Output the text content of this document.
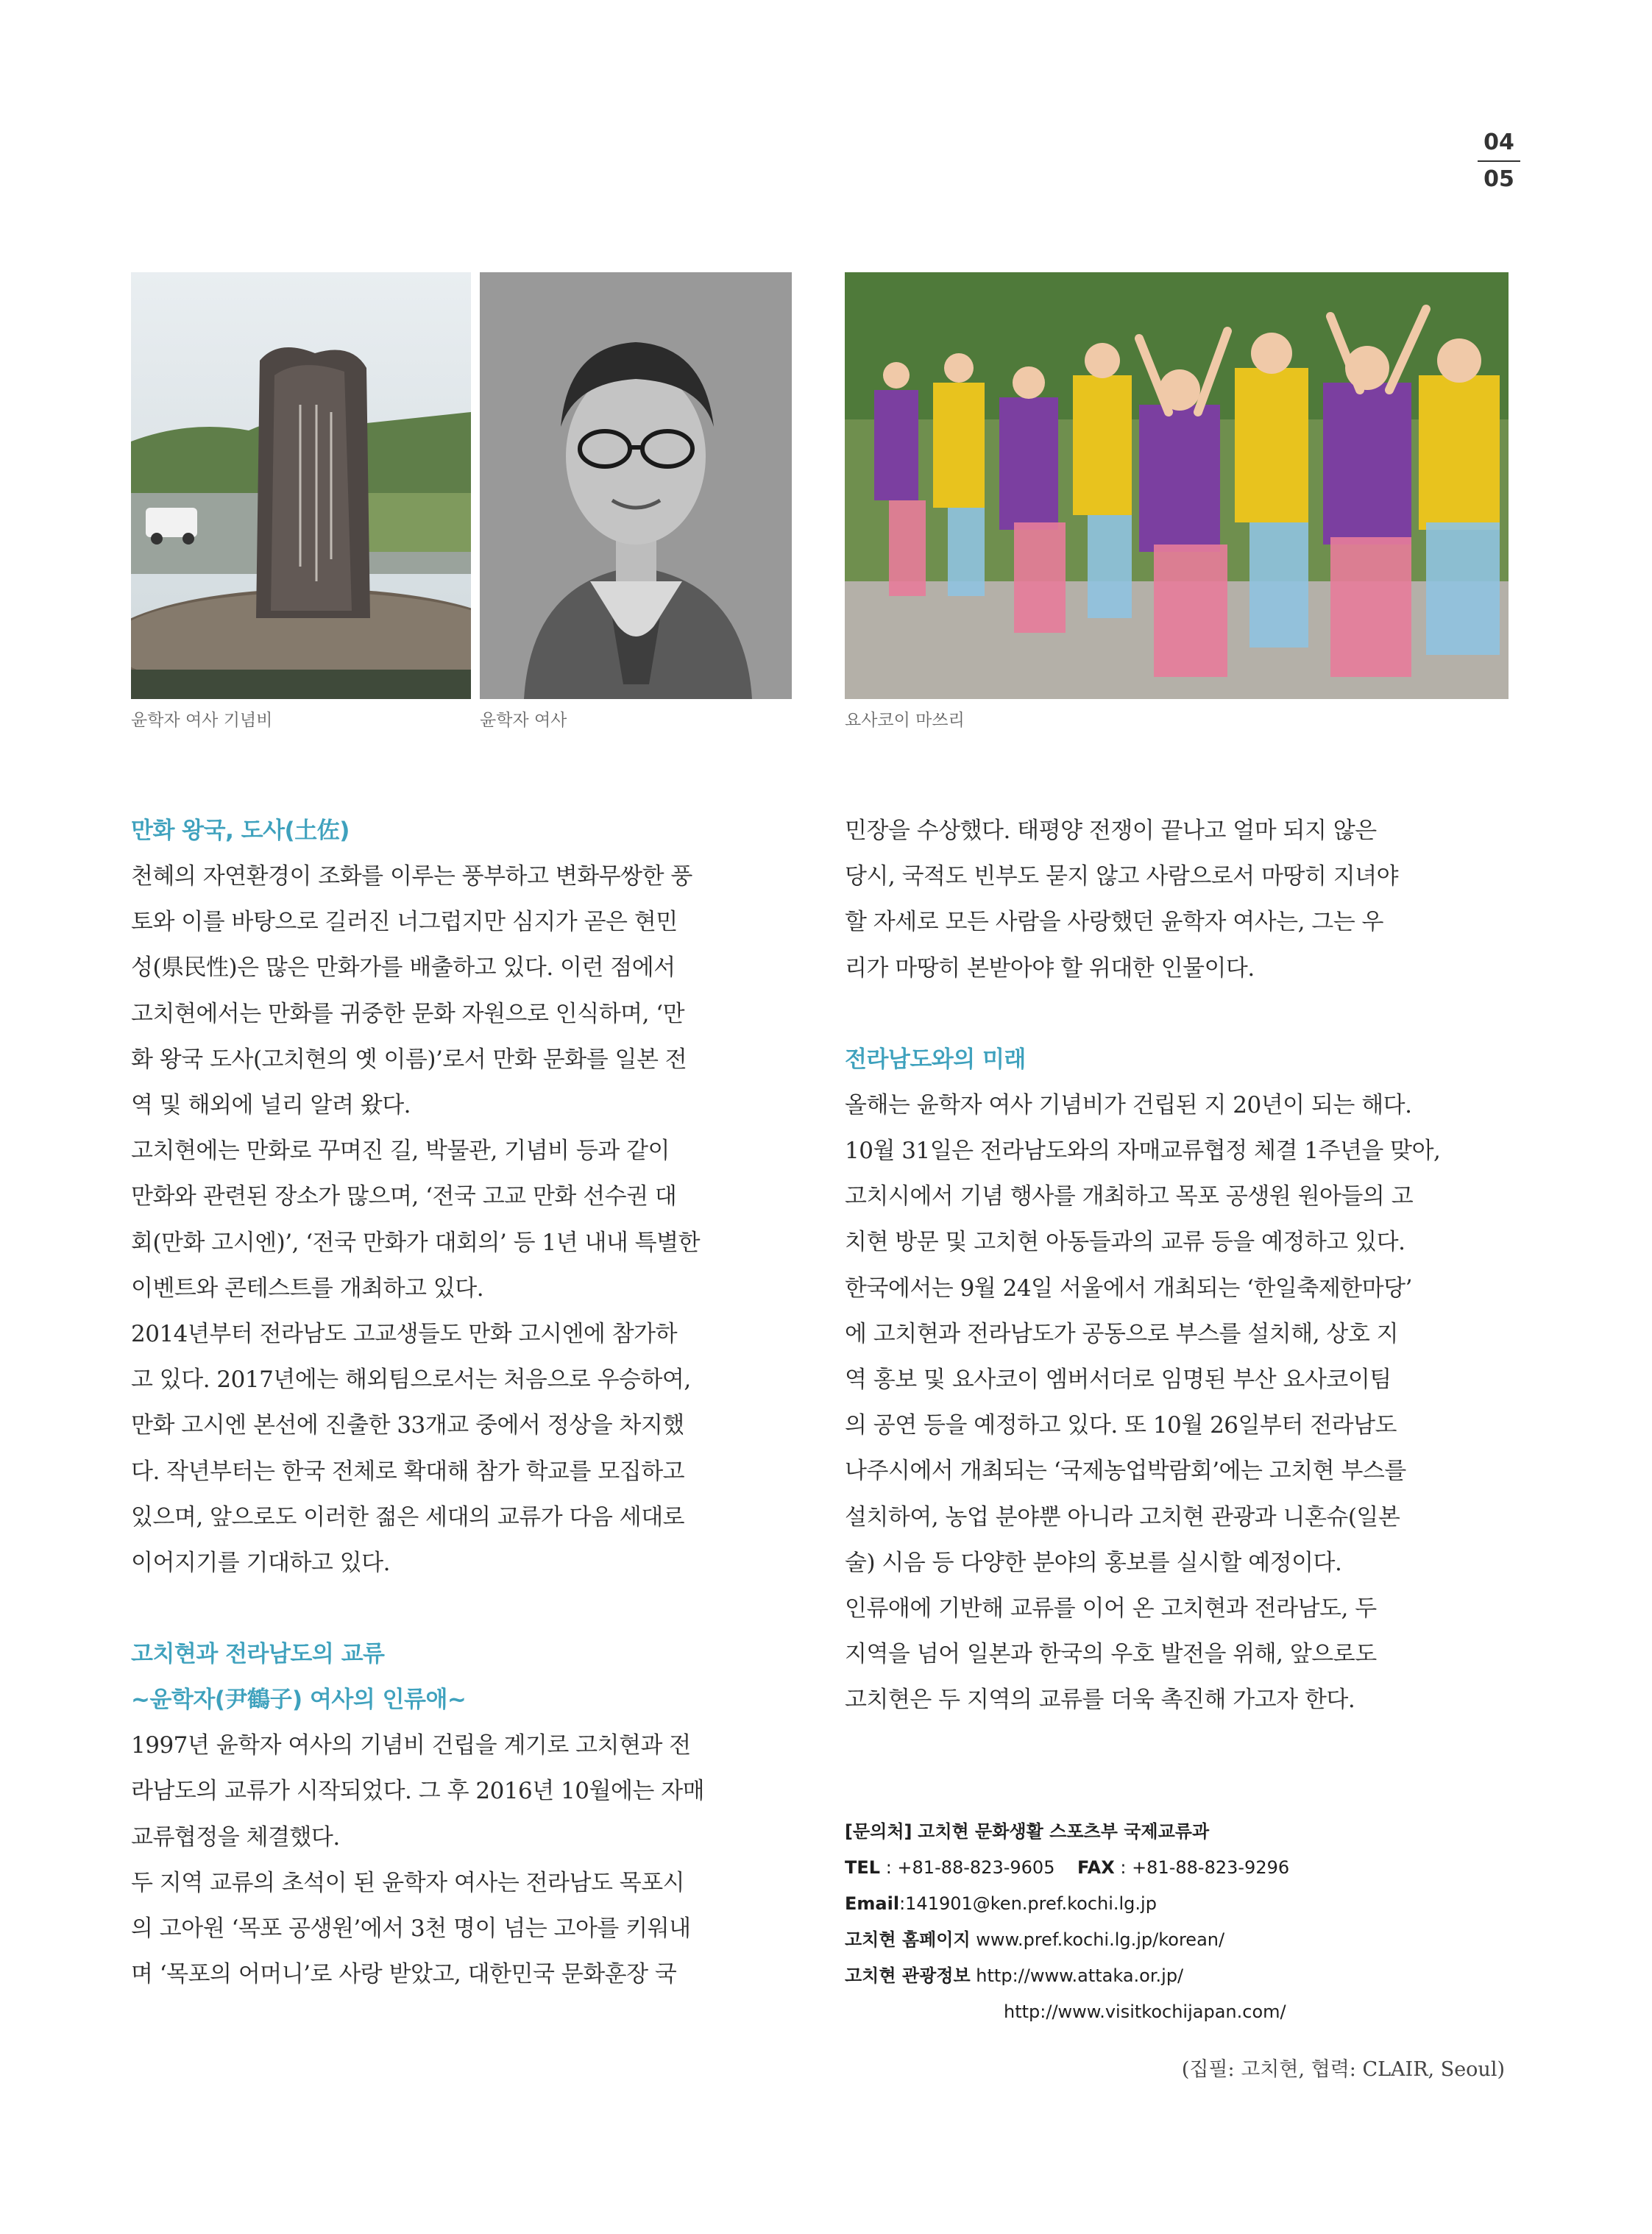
04
05
윤학자 여사 기념비	윤학자 여사	요사코이 마쓰리
만화 왕국, 도사(土佐)

천혜의 자연환경이 조화를 이루는 풍부하고 변화무쌍한 풍

토와 이를 바탕으로 길러진 너그럽지만 심지가 곧은 현민

성(県民性)은 많은 만화가를 배출하고 있다. 이런 점에서

고치현에서는 만화를 귀중한 문화 자원으로 인식하며, ‘만

화 왕국 도사(고치현의 옛 이름)’로서 만화 문화를 일본 전

역 및 해외에 널리 알려 왔다.

고치현에는 만화로 꾸며진 길, 박물관, 기념비 등과 같이

만화와 관련된 장소가 많으며, ‘전국 고교 만화 선수권 대

회(만화 고시엔)’, ‘전국 만화가 대회의’ 등 1년 내내 특별한

이벤트와 콘테스트를 개최하고 있다.

2014년부터 전라남도 고교생들도 만화 고시엔에 참가하

고 있다. 2017년에는 해외팀으로서는 처음으로 우승하여,

만화 고시엔 본선에 진출한 33개교 중에서 정상을 차지했

다. 작년부터는 한국 전체로 확대해 참가 학교를 모집하고

있으며, 앞으로도 이러한 젊은 세대의 교류가 다음 세대로

이어지기를 기대하고 있다.

고치현과 전라남도의 교류
~윤학자(尹鶴子) 여사의 인류애~

1997년 윤학자 여사의 기념비 건립을 계기로 고치현과 전

라남도의 교류가 시작되었다. 그 후 2016년 10월에는 자매

교류협정을 체결했다.

두 지역 교류의 초석이 된 윤학자 여사는 전라남도 목포시

의 고아원 ‘목포 공생원’에서 3천 명이 넘는 고아를 키워내

며 ‘목포의 어머니’로 사랑 받았고, 대한민국 문화훈장 국

민장을 수상했다. 태평양 전쟁이 끝나고 얼마 되지 않은

당시, 국적도 빈부도 묻지 않고 사람으로서 마땅히 지녀야

할 자세로 모든 사람을 사랑했던 윤학자 여사는, 그는 우

리가 마땅히 본받아야 할 위대한 인물이다.

전라남도와의 미래

올해는 윤학자 여사 기념비가 건립된 지 20년이 되는 해다.

10월 31일은 전라남도와의 자매교류협정 체결 1주년을 맞아,

고치시에서 기념 행사를 개최하고 목포 공생원 원아들의 고

치현 방문 및 고치현 아동들과의 교류 등을 예정하고 있다.

한국에서는 9월 24일 서울에서 개최되는 ‘한일축제한마당’

에 고치현과 전라남도가 공동으로 부스를 설치해, 상호 지

역 홍보 및 요사코이 엠버서더로 임명된 부산 요사코이팀

의 공연 등을 예정하고 있다. 또 10월 26일부터 전라남도

나주시에서 개최되는 ‘국제농업박람회’에는 고치현 부스를

설치하여, 농업 분야뿐 아니라 고치현 관광과 니혼슈(일본

술) 시음 등 다양한 분야의 홍보를 실시할 예정이다.

인류애에 기반해 교류를 이어 온 고치현과 전라남도, 두

지역을 넘어 일본과 한국의 우호 발전을 위해, 앞으로도

고치현은 두 지역의 교류를 더욱 촉진해 가고자 한다.

[문의처] 고치현 문화생활 스포츠부 국제교류과
TEL : +81-88-823-9605 FAX : +81-88-823-9296
Email:141901@ken.pref.kochi.lg.jp
고치현 홈페이지 www.pref.kochi.lg.jp/korean/
고치현 관광정보 http://www.attaka.or.jp/
http://www.visitkochijapan.com/
(집필: 고치현, 협력: CLAIR, Seoul)
